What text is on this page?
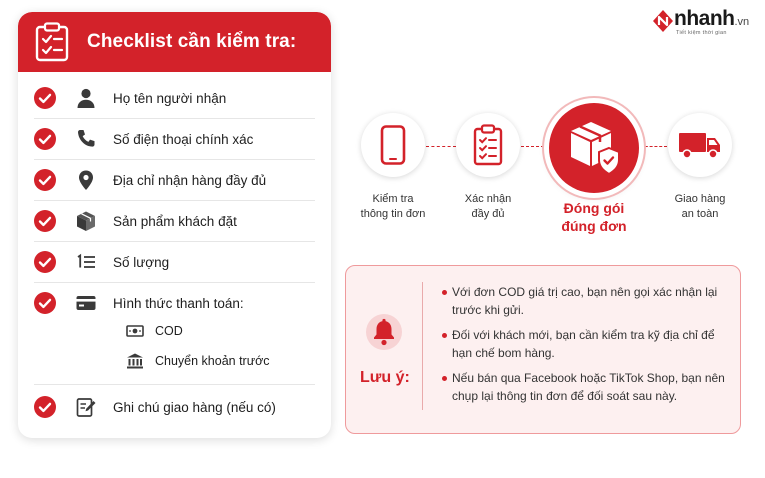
Checklist cần kiểm tra:
Họ tên người nhận
Số điện thoại chính xác
Địa chỉ nhận hàng đầy đủ
Sản phẩm khách đặt
Số lượng
Hình thức thanh toán:
COD
Chuyển khoản trước
Ghi chú giao hàng (nếu có)
nhanh.vn
Tiết kiệm thời gian
Kiểm tra
thông tin đơn
Xác nhận
đầy đủ	Đóng gói
đúng đơn
Giao hàng
an toàn
Lưu ý:
Với đơn COD giá trị cao, bạn nên gọi xác nhận lại trước khi gửi.
Đối với khách mới, bạn cần kiểm tra kỹ địa chỉ để hạn chế bom hàng.
Nếu bán qua Facebook hoặc TikTok Shop, bạn nên chụp lại thông tin đơn để đối soát sau này.
